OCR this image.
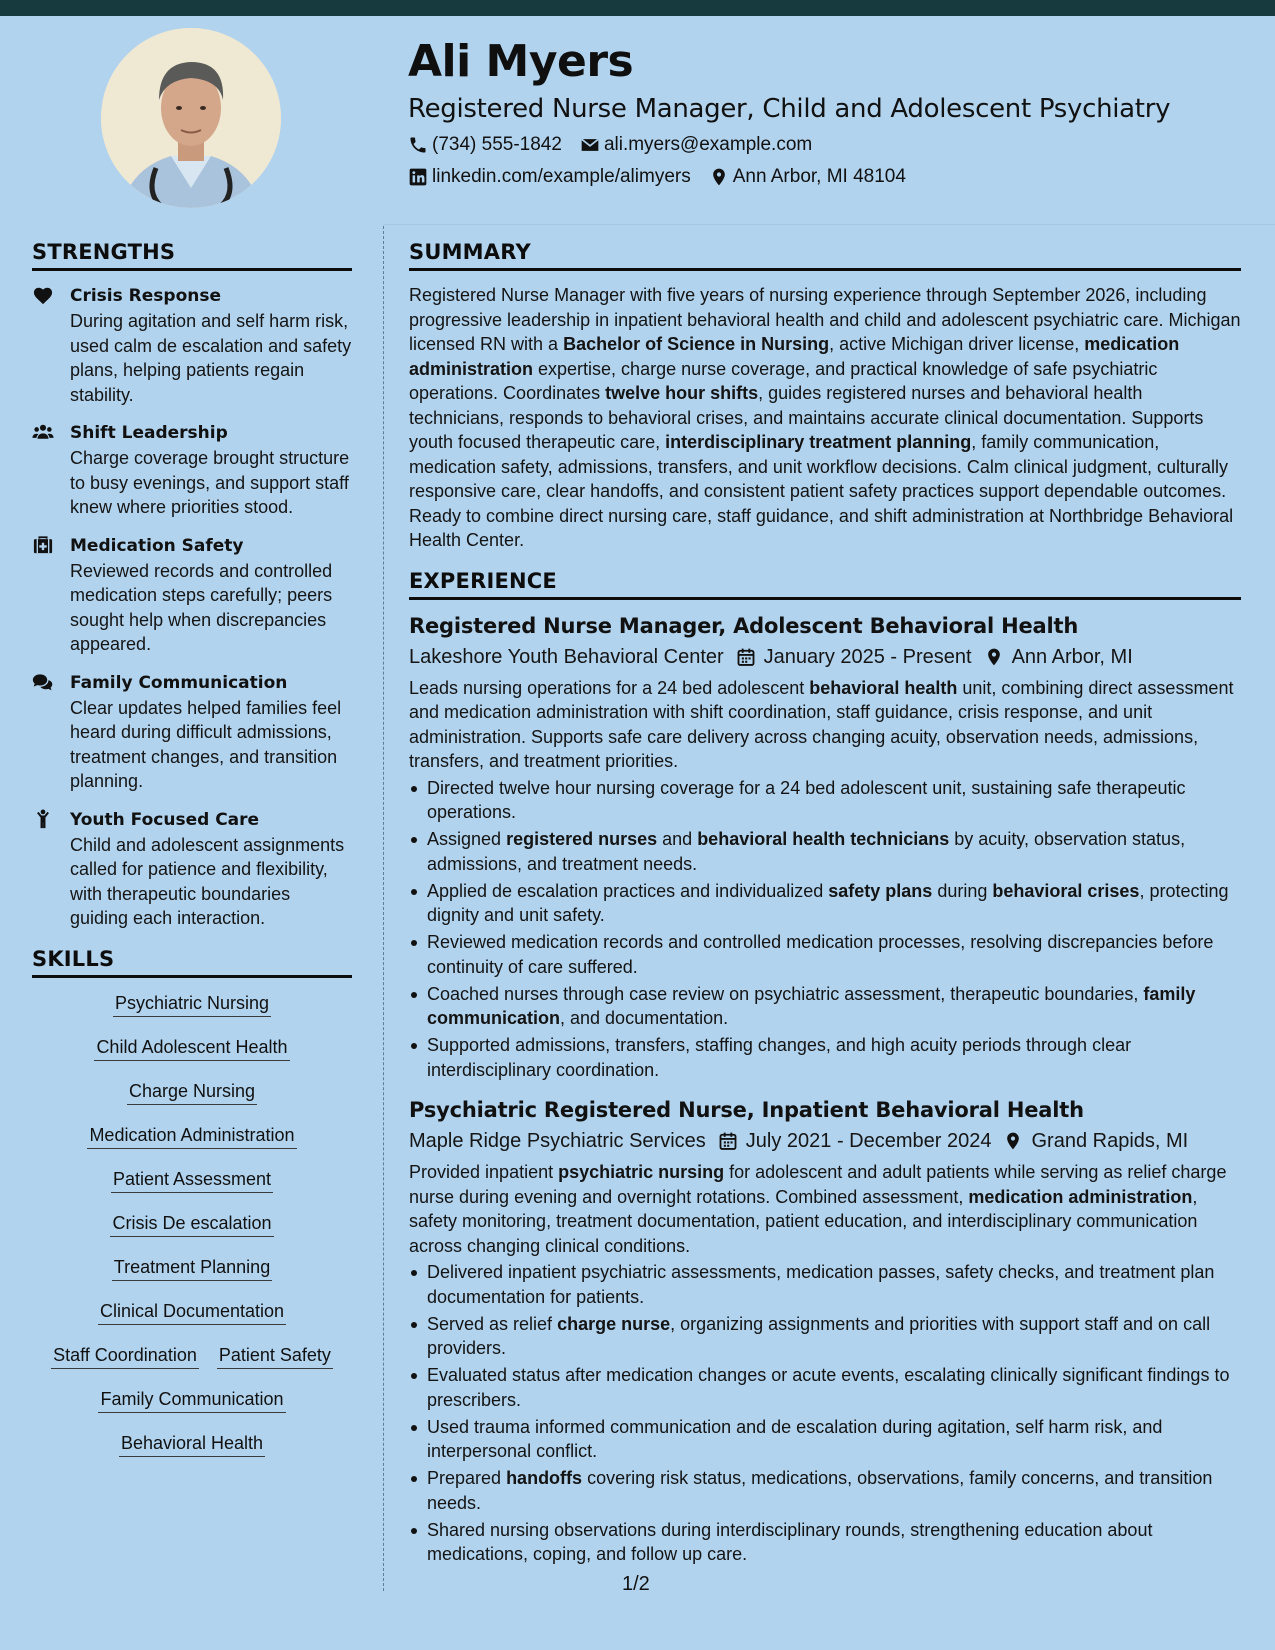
Ali Myers
Registered Nurse Manager, Child and Adolescent Psychiatry
(734) 555-1842 ali.myers@example.com
linkedin.com/example/alimyers Ann Arbor, MI 48104
STRENGTHS
Crisis Response
During agitation and self harm risk, used calm de escalation and safety plans, helping patients regain stability.
Shift Leadership
Charge coverage brought structure to busy evenings, and support staff knew where priorities stood.
Medication Safety
Reviewed records and controlled medication steps carefully; peers sought help when discrepancies appeared.
Family Communication
Clear updates helped families feel heard during difficult admissions, treatment changes, and transition planning.
Youth Focused Care
Child and adolescent assignments called for patience and flexibility, with therapeutic boundaries guiding each interaction.
SKILLS
Psychiatric Nursing
Child Adolescent Health
Charge Nursing
Medication Administration
Patient Assessment
Crisis De escalation
Treatment Planning
Clinical Documentation
Staff Coordination Patient Safety
Family Communication
Behavioral Health
SUMMARY
Registered Nurse Manager with five years of nursing experience through September 2026, including progressive leadership in inpatient behavioral health and child and adolescent psychiatric care. Michigan licensed RN with a Bachelor of Science in Nursing, active Michigan driver license, medication administration expertise, charge nurse coverage, and practical knowledge of safe psychiatric operations. Coordinates twelve hour shifts, guides registered nurses and behavioral health technicians, responds to behavioral crises, and maintains accurate clinical documentation. Supports youth focused therapeutic care, interdisciplinary treatment planning, family communication, medication safety, admissions, transfers, and unit workflow decisions. Calm clinical judgment, culturally responsive care, clear handoffs, and consistent patient safety practices support dependable outcomes. Ready to combine direct nursing care, staff guidance, and shift administration at Northbridge Behavioral Health Center.
EXPERIENCE
Registered Nurse Manager, Adolescent Behavioral Health
Lakeshore Youth Behavioral Center January 2025 - Present Ann Arbor, MI
Leads nursing operations for a 24 bed adolescent behavioral health unit, combining direct assessment and medication administration with shift coordination, staff guidance, crisis response, and unit administration. Supports safe care delivery across changing acuity, observation needs, admissions, transfers, and treatment priorities.
Directed twelve hour nursing coverage for a 24 bed adolescent unit, sustaining safe therapeutic operations.
Assigned registered nurses and behavioral health technicians by acuity, observation status, admissions, and treatment needs.
Applied de escalation practices and individualized safety plans during behavioral crises, protecting dignity and unit safety.
Reviewed medication records and controlled medication processes, resolving discrepancies before continuity of care suffered.
Coached nurses through case review on psychiatric assessment, therapeutic boundaries, family communication, and documentation.
Supported admissions, transfers, staffing changes, and high acuity periods through clear interdisciplinary coordination.
Psychiatric Registered Nurse, Inpatient Behavioral Health
Maple Ridge Psychiatric Services July 2021 - December 2024 Grand Rapids, MI
Provided inpatient psychiatric nursing for adolescent and adult patients while serving as relief charge nurse during evening and overnight rotations. Combined assessment, medication administration, safety monitoring, treatment documentation, patient education, and interdisciplinary communication across changing clinical conditions.
Delivered inpatient psychiatric assessments, medication passes, safety checks, and treatment plan documentation for patients.
Served as relief charge nurse, organizing assignments and priorities with support staff and on call providers.
Evaluated status after medication changes or acute events, escalating clinically significant findings to prescribers.
Used trauma informed communication and de escalation during agitation, self harm risk, and interpersonal conflict.
Prepared handoffs covering risk status, medications, observations, family concerns, and transition needs.
Shared nursing observations during interdisciplinary rounds, strengthening education about medications, coping, and follow up care.
1/2
